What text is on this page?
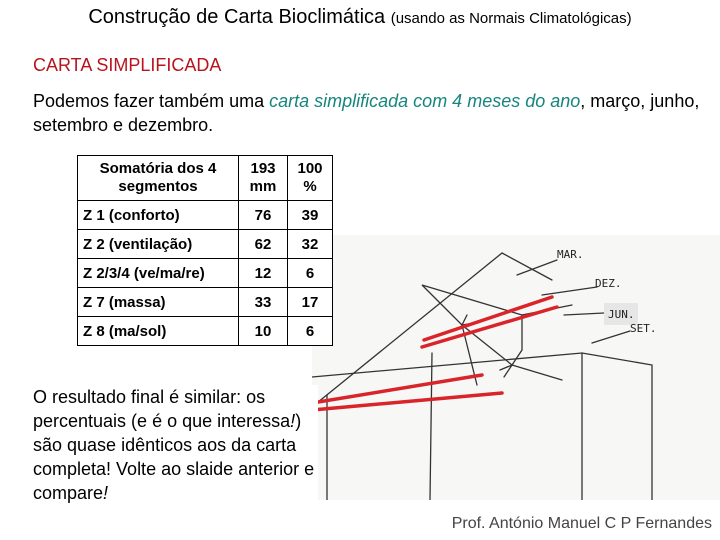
Construção de Carta Bioclimática (usando as Normais Climatológicas)
CARTA SIMPLIFICADA
Podemos fazer também uma carta simplificada com 4 meses do ano, março, junho, setembro e dezembro.
MAR.
DEZ.
JUN.
SET.
Somatória dos 4 segmentos	193 mm	100 %
Z 1 (conforto)	76	39
Z 2 (ventilação)	62	32
Z 2/3/4 (ve/ma/re)	12	6
Z 7 (massa)	33	17
Z 8 (ma/sol)	10	6
O resultado final é similar: os percentuais (e é o que interessa!) são quase idênticos aos da carta completa! Volte ao slaide anterior e compare!
Prof. António Manuel C P Fernandes
